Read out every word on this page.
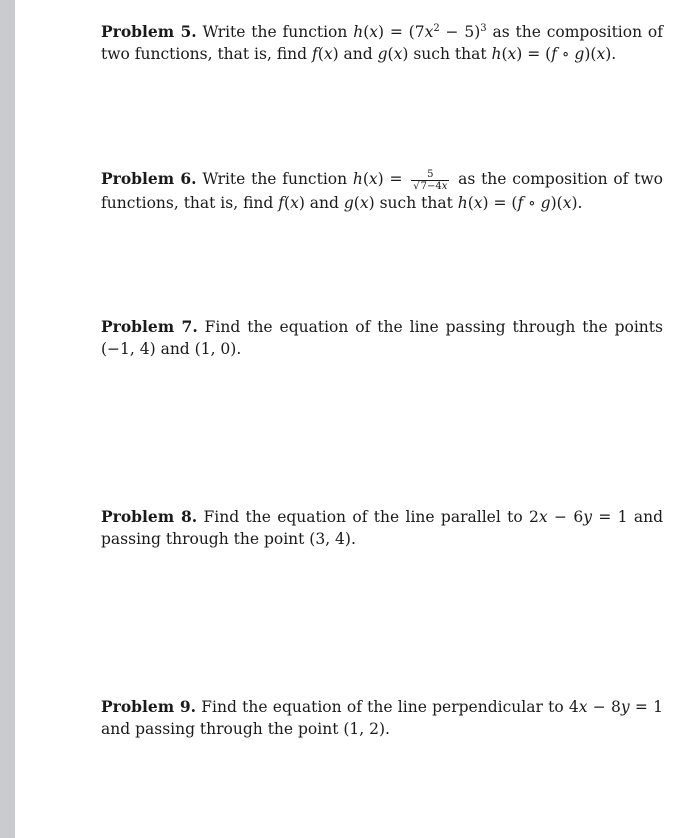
Problem 5. Write the function $h(x) = (7x^2 - 5)^3$ as the composition of two functions, that is, find f(x) and g(x) such that h(x) = (f ∘ g)(x).
Problem 6. Write the function $h(x) = \frac{5}{√7-4x}$ as the composition of two functions, that is, find f(x) and g(x) such that h(x) = (f ∘ g)(x).
Problem 7. Find the equation of the line passing through the points (−1, 4) and (1, 0).
Problem 8. Find the equation of the line parallel to 2x − 6y = 1 and passing through the point (3, 4).
Problem 9. Find the equation of the line perpendicular to 4x − 8y = 1 and passing through the point (1, 2).
